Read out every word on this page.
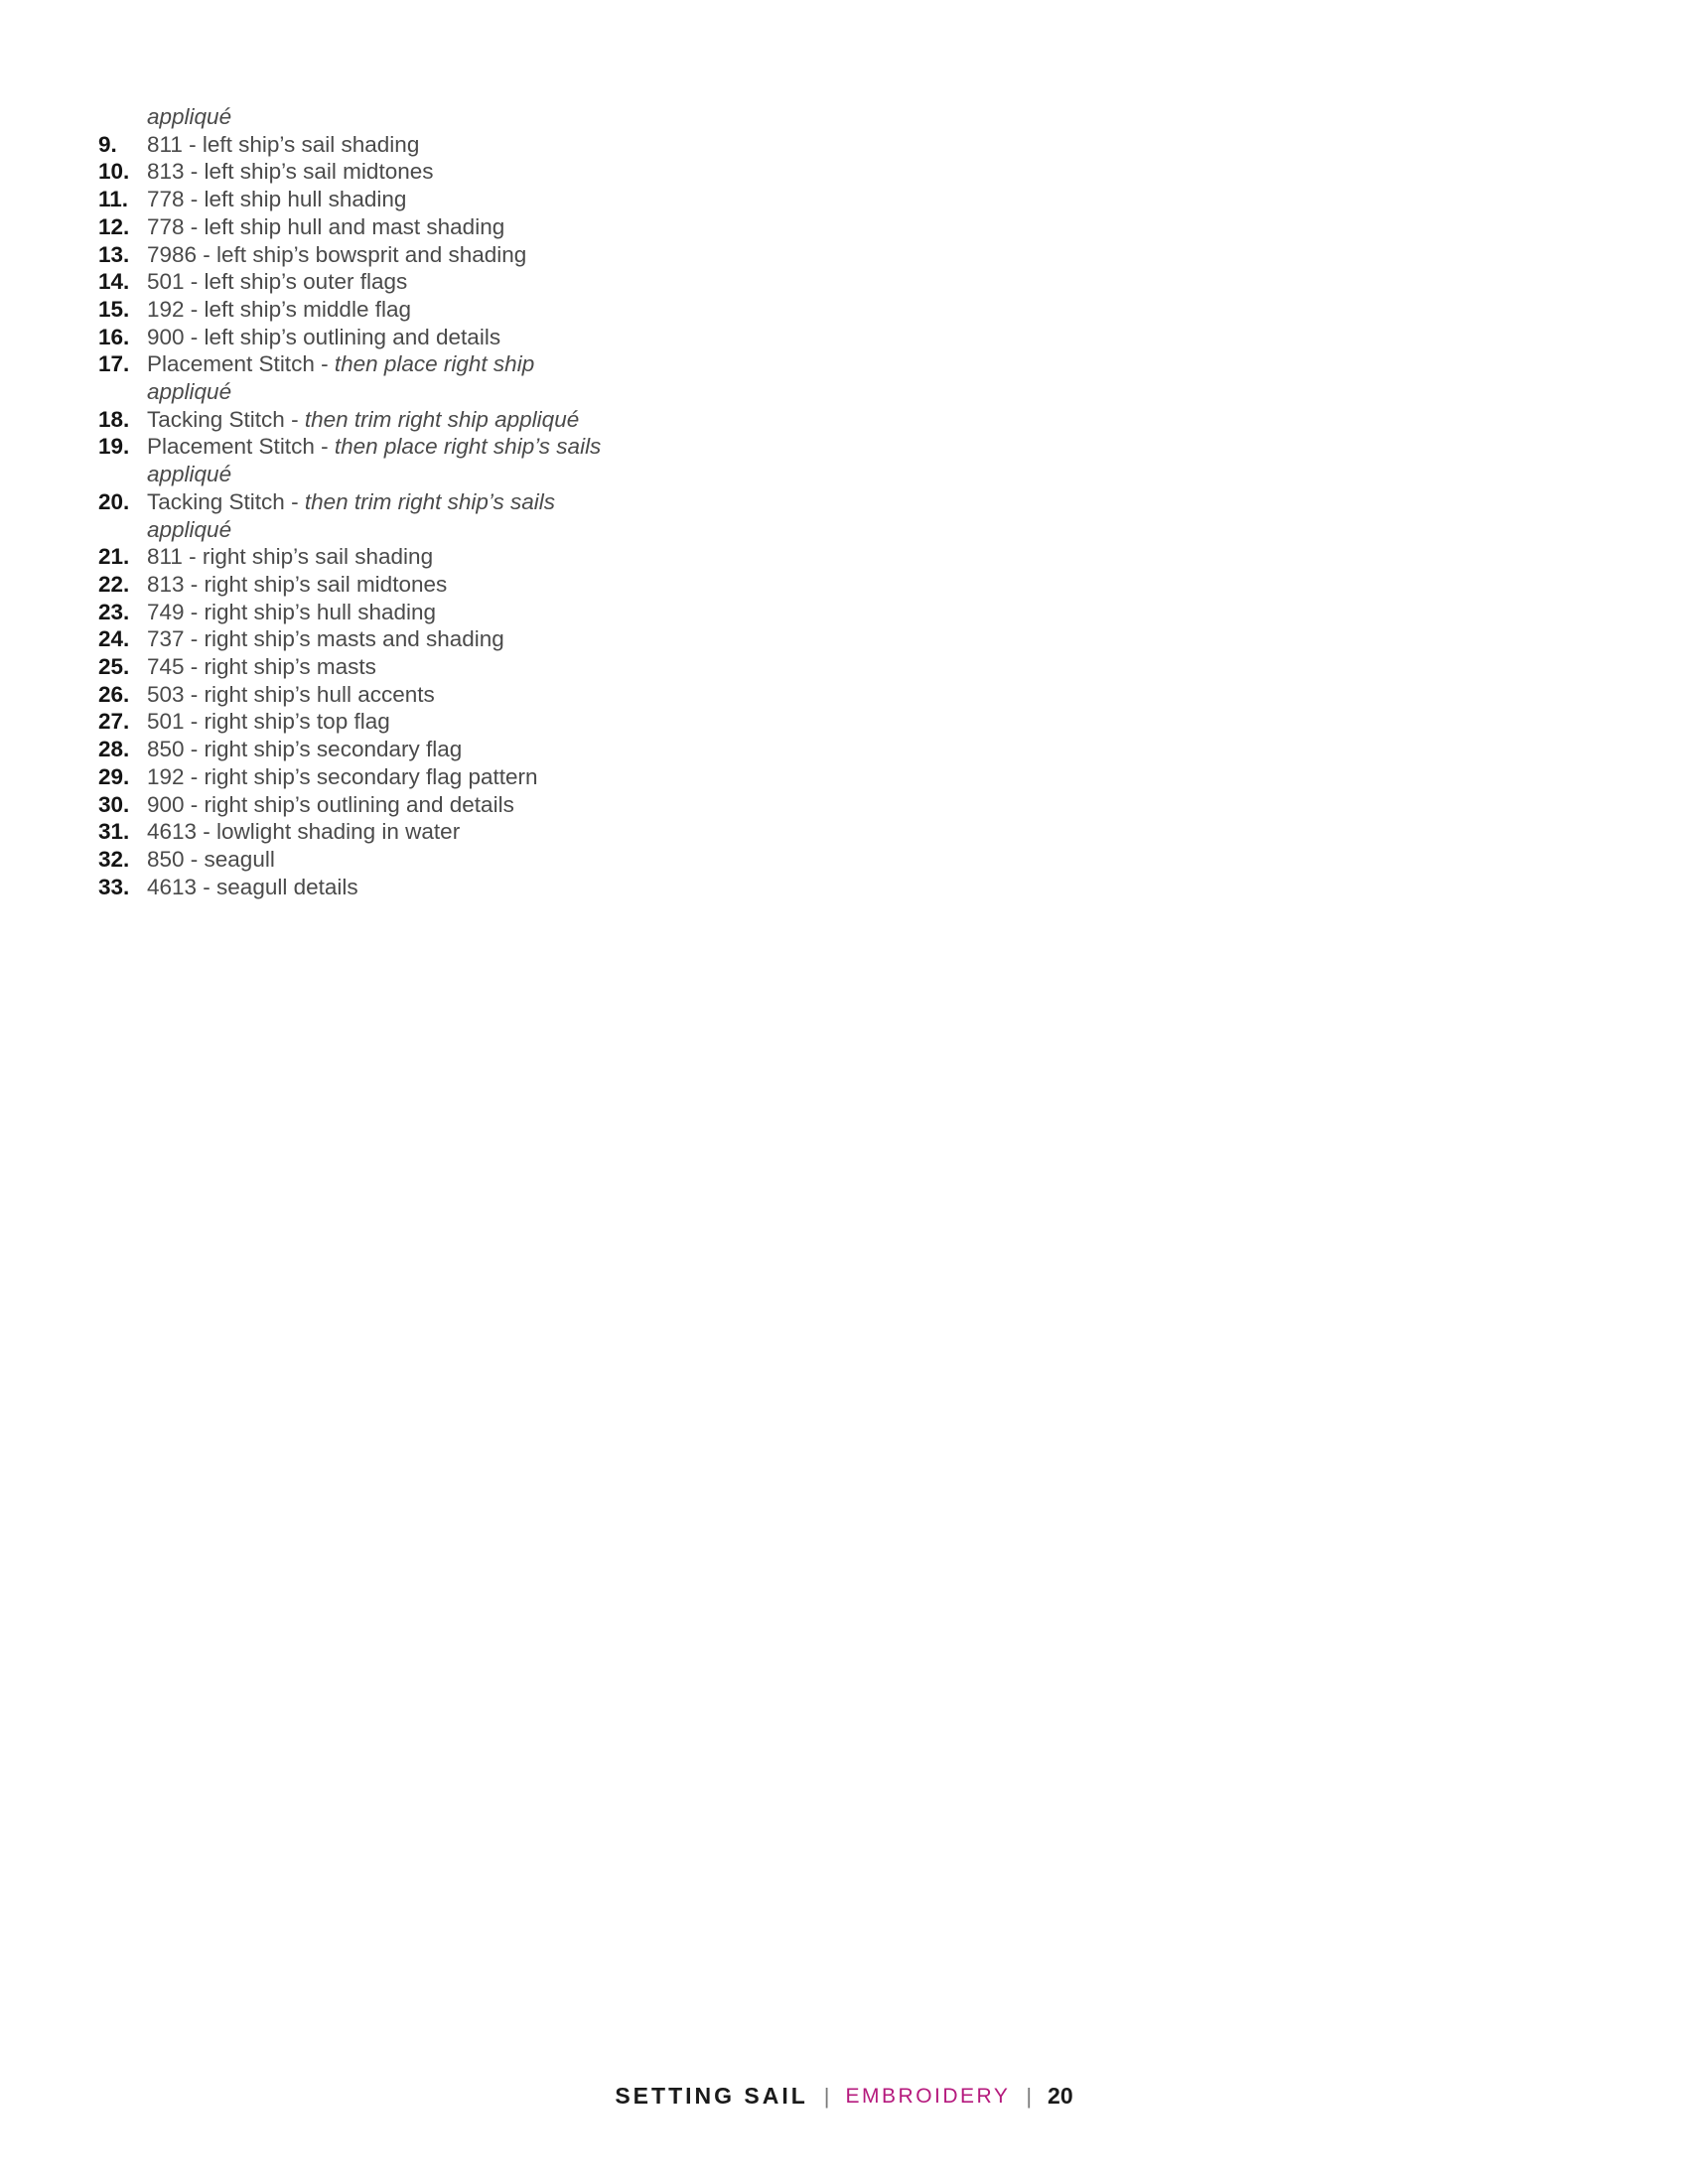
appliqué
9.	811 - left ship’s sail shading
10. 813 - left ship’s sail midtones
11. 778 - left ship hull shading
12. 778 - left ship hull and mast shading
13. 7986 - left ship’s bowsprit and shading
14. 501 - left ship’s outer flags
15. 192 - left ship’s middle flag
16. 900 - left ship’s outlining and details
17. Placement Stitch - then place right ship appliqué
18. Tacking Stitch - then trim right ship appliqué
19. Placement Stitch - then place right ship’s sails appliqué
20. Tacking Stitch - then trim right ship’s sails appliqué
21. 811 - right ship’s sail shading
22. 813 - right ship’s sail midtones
23. 749 - right ship’s hull shading
24. 737 - right ship’s masts and shading
25. 745 - right ship’s masts
26. 503 - right ship’s hull accents
27. 501 - right ship’s top flag
28. 850 - right ship’s secondary flag
29. 192 - right ship’s secondary flag pattern
30. 900 - right ship’s outlining and details
31. 4613 - lowlight shading in water
32. 850 - seagull
33. 4613 - seagull details
SETTING SAIL | EMBROIDERY | 20
